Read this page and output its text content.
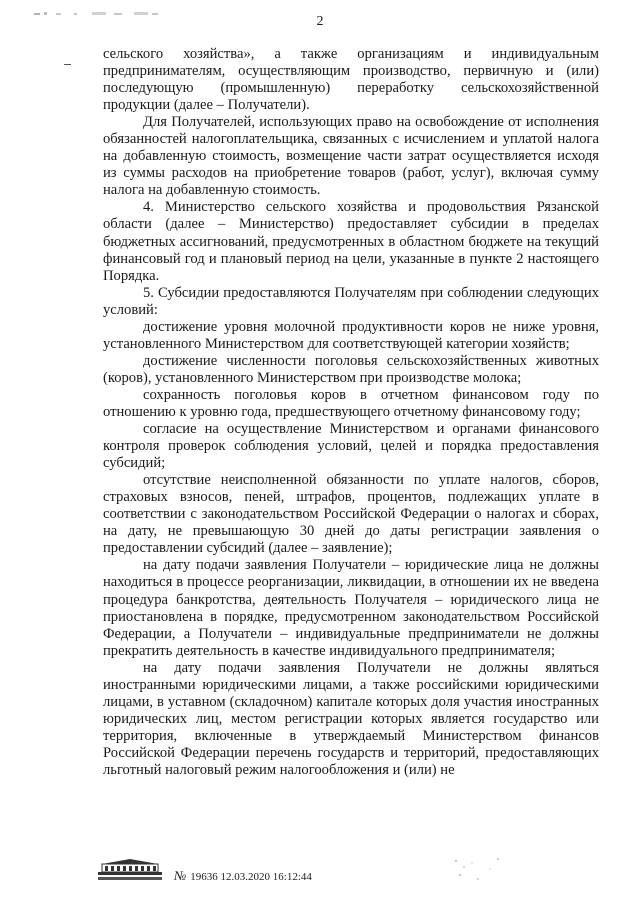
2

сельского хозяйства», а также организациям и индивидуальным предпринимателям, осуществляющим производство, первичную и (или) последующую (промышленную) переработку сельскохозяйственной продукции (далее – Получатели).

Для Получателей, использующих право на освобождение от исполнения обязанностей налогоплательщика, связанных с исчислением и уплатой налога на добавленную стоимость, возмещение части затрат осуществляется исходя из суммы расходов на приобретение товаров (работ, услуг), включая сумму налога на добавленную стоимость.

4. Министерство сельского хозяйства и продовольствия Рязанской области (далее – Министерство) предоставляет субсидии в пределах бюджетных ассигнований, предусмотренных в областном бюджете на текущий финансовый год и плановый период на цели, указанные в пункте 2 настоящего Порядка.

5. Субсидии предоставляются Получателям при соблюдении следующих условий:

достижение уровня молочной продуктивности коров не ниже уровня, установленного Министерством для соответствующей категории хозяйств;

достижение численности поголовья сельскохозяйственных животных (коров), установленного Министерством при производстве молока;

сохранность поголовья коров в отчетном финансовом году по отношению к уровню года, предшествующего отчетному финансовому году;

согласие на осуществление Министерством и органами финансового контроля проверок соблюдения условий, целей и порядка предоставления субсидий;

отсутствие неисполненной обязанности по уплате налогов, сборов, страховых взносов, пеней, штрафов, процентов, подлежащих уплате в соответствии с законодательством Российской Федерации о налогах и сборах, на дату, не превышающую 30 дней до даты регистрации заявления о предоставлении субсидий (далее – заявление);

на дату подачи заявления Получатели – юридические лица не должны находиться в процессе реорганизации, ликвидации, в отношении их не введена процедура банкротства, деятельность Получателя – юридического лица не приостановлена в порядке, предусмотренном законодательством Российской Федерации, а Получатели – индивидуальные предприниматели не должны прекратить деятельность в качестве индивидуального предпринимателя;

на дату подачи заявления Получатели не должны являться иностранными юридическими лицами, а также российскими юридическими лицами, в уставном (складочном) капитале которых доля участия иностранных юридических лиц, местом регистрации которых является государство или территория, включенные в утверждаемый Министерством финансов Российской Федерации перечень государств и территорий, предоставляющих льготный налоговый режим налогообложения и (или) не

№ 19636 12.03.2020 16:12:44
